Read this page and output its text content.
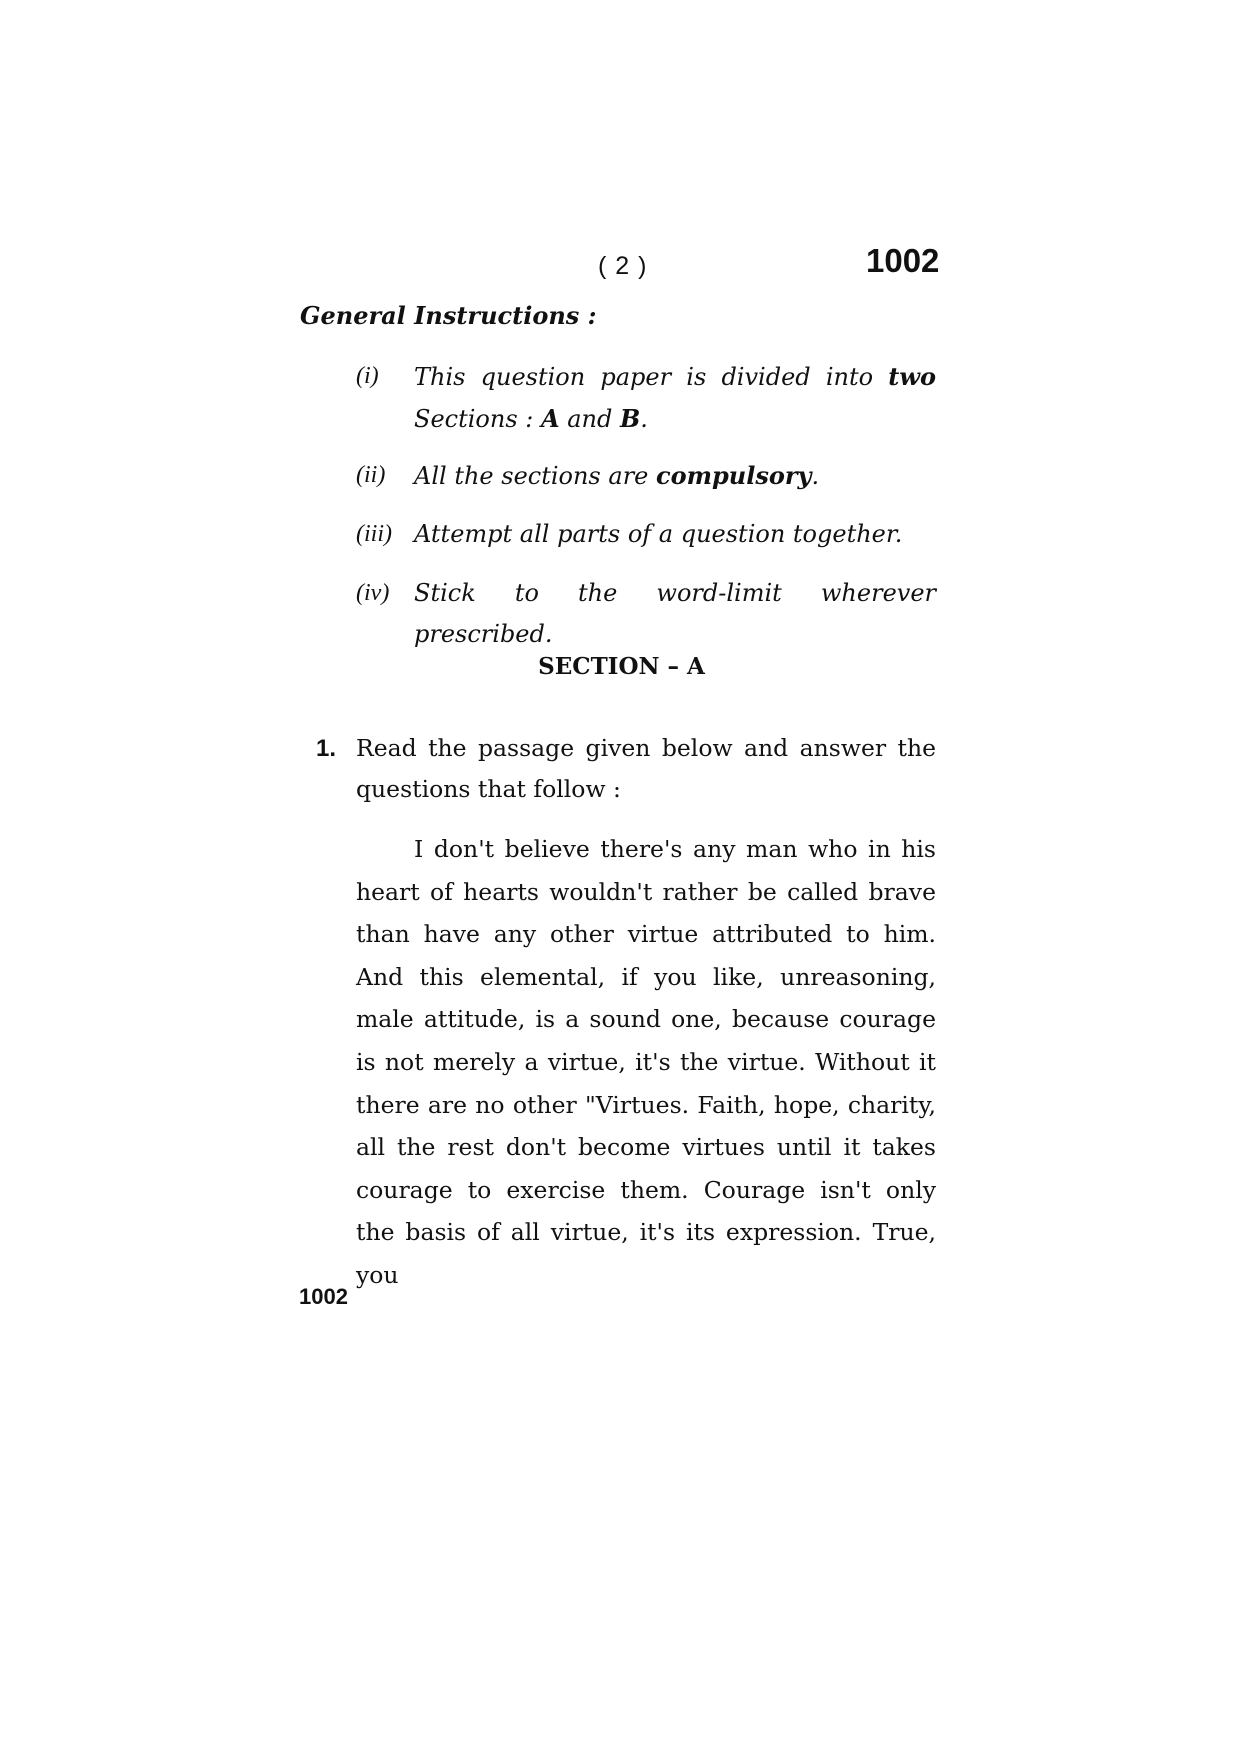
( 2 )	1002
General Instructions :
(i) This question paper is divided into two Sections : A and B.
(ii) All the sections are compulsory.
(iii) Attempt all parts of a question together.
(iv) Stick to the word-limit wherever prescribed.
SECTION – A
1. Read the passage given below and answer the questions that follow :
I don't believe there's any man who in his heart of hearts wouldn't rather be called brave than have any other virtue attributed to him. And this elemental, if you like, unreasoning, male attitude, is a sound one, because courage is not merely a virtue, it's the virtue. Without it there are no other "Virtues. Faith, hope, charity, all the rest don't become virtues until it takes courage to exercise them. Courage isn't only the basis of all virtue, it's its expression. True, you
1002
